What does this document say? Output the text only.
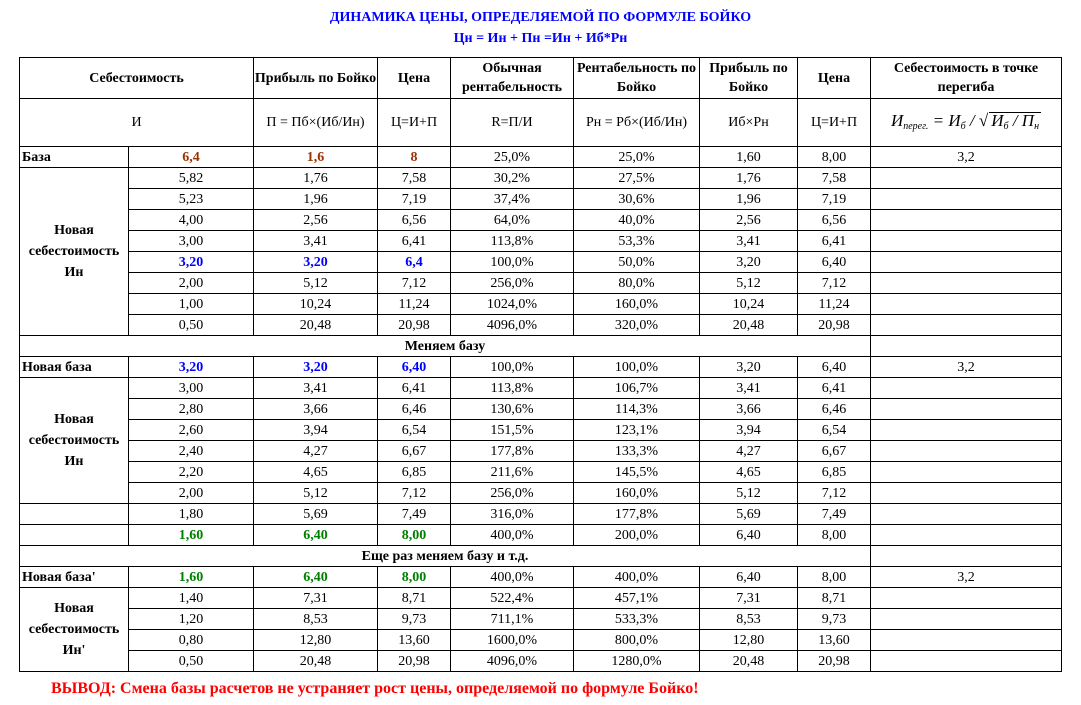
ДИНАМИКА ЦЕНЫ, ОПРЕДЕЛЯЕМОЙ ПО ФОРМУЛЕ БОЙКО
Цн = Ин + Пн =Ин + Иб*Рн
Себестоимость		Прибыль по Бойко	Цена	Обычная рентабельность	Рентабельность по Бойко	Прибыль по Бойко	Цена	Себестоимость в точке перегиба
И		П = Пб×(Иб/Ин)	Ц=И+П	R=П/И	Рн = Рб×(Иб/Ин)	Иб×Рн	Ц=И+П	$И_{перег.} = И_б$ / √ $И_б / П_н$
База	6,4	1,6	8	25,0%	25,0%	1,60	8,00	3,2
Новая себестоимость Ин	5,82	1,76	7,58	30,2%	27,5%	1,76	7,58	
	5,23	1,96	7,19	37,4%	30,6%	1,96	7,19	
	4,00	2,56	6,56	64,0%	40,0%	2,56	6,56	
	3,00	3,41	6,41	113,8%	53,3%	3,41	6,41	
	3,20	3,20	6,4	100,0%	50,0%	3,20	6,40	
	2,00	5,12	7,12	256,0%	80,0%	5,12	7,12	
	1,00	10,24	11,24	1024,0%	160,0%	10,24	11,24	
	0,50	20,48	20,98	4096,0%	320,0%	20,48	20,98	
Меняем базу								
Новая база	3,20	3,20	6,40	100,0%	100,0%	3,20	6,40	3,2
Новая себестоимость Ин	3,00	3,41	6,41	113,8%	106,7%	3,41	6,41	
	2,80	3,66	6,46	130,6%	114,3%	3,66	6,46	
	2,60	3,94	6,54	151,5%	123,1%	3,94	6,54	
	2,40	4,27	6,67	177,8%	133,3%	4,27	6,67	
	2,20	4,65	6,85	211,6%	145,5%	4,65	6,85	
	2,00	5,12	7,12	256,0%	160,0%	5,12	7,12	
	1,80	5,69	7,49	316,0%	177,8%	5,69	7,49	
	1,60	6,40	8,00	400,0%	200,0%	6,40	8,00	
Еще раз меняем базу и т.д.								
Новая база'	1,60	6,40	8,00	400,0%	400,0%	6,40	8,00	3,2
Новая себестоимость Ин'	1,40	7,31	8,71	522,4%	457,1%	7,31	8,71	
	1,20	8,53	9,73	711,1%	533,3%	8,53	9,73	
	0,80	12,80	13,60	1600,0%	800,0%	12,80	13,60	
	0,50	20,48	20,98	4096,0%	1280,0%	20,48	20,98	
ВЫВОД: Смена базы расчетов не устраняет рост цены, определяемой по формуле Бойко!
